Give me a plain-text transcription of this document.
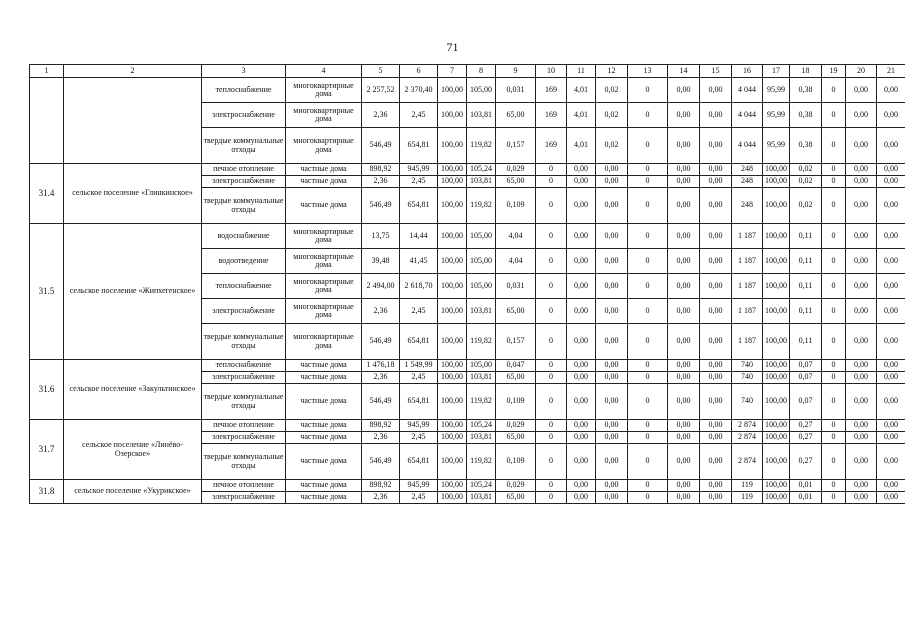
71
1	2	3	4	5	6	7	8	9	10	11	12	13	14	15	16	17	18	19	20	21
		теплоснабжение	многоквартирные дома	2 257,52	2 370,40	100,00	105,00	0,031	169	4,01	0,02	0	0,00	0,00	4 044	95,99	0,38	0	0,00	0,00
		электроснабжение	многоквартирные дома	2,36	2,45	100,00	103,81	65,00	169	4,01	0,02	0	0,00	0,00	4 044	95,99	0,38	0	0,00	0,00
		твердые коммунальные отходы	многоквартирные дома	546,49	654,81	100,00	119,82	0,157	169	4,01	0,02	0	0,00	0,00	4 044	95,99	0,38	0	0,00	0,00
31.4	сельское поселение «Глинкинское»	печное отопление	частные дома	898,92	945,99	100,00	105,24	0,029	0	0,00	0,00	0	0,00	0,00	248	100,00	0,02	0	0,00	0,00
		электроснабжение	частные дома	2,36	2,45	100,00	103,81	65,00	0	0,00	0,00	0	0,00	0,00	248	100,00	0,02	0	0,00	0,00
		твердые коммунальные отходы	частные дома	546,49	654,81	100,00	119,82	0,109	0	0,00	0,00	0	0,00	0,00	248	100,00	0,02	0	0,00	0,00
31.5	сельское поселение «Жипхегенское»	водоснабжение	многоквартирные дома	13,75	14,44	100,00	105,00	4,04	0	0,00	0,00	0	0,00	0,00	1 187	100,00	0,11	0	0,00	0,00
		водоотведение	многоквартирные дома	39,48	41,45	100,00	105,00	4,04	0	0,00	0,00	0	0,00	0,00	1 187	100,00	0,11	0	0,00	0,00
		теплоснабжение	многоквартирные дома	2 494,00	2 618,70	100,00	105,00	0,031	0	0,00	0,00	0	0,00	0,00	1 187	100,00	0,11	0	0,00	0,00
		электроснабжение	многоквартирные дома	2,36	2,45	100,00	103,81	65,00	0	0,00	0,00	0	0,00	0,00	1 187	100,00	0,11	0	0,00	0,00
		твердые коммунальные отходы	многоквартирные дома	546,49	654,81	100,00	119,82	0,157	0	0,00	0,00	0	0,00	0,00	1 187	100,00	0,11	0	0,00	0,00
31.6	сельское поселение «Закультинское»	теплоснабжение	частные дома	1 476,18	1 549,99	100,00	105,00	0,047	0	0,00	0,00	0	0,00	0,00	740	100,00	0,07	0	0,00	0,00
		электроснабжение	частные дома	2,36	2,45	100,00	103,81	65,00	0	0,00	0,00	0	0,00	0,00	740	100,00	0,07	0	0,00	0,00
		твердые коммунальные отходы	частные дома	546,49	654,81	100,00	119,82	0,109	0	0,00	0,00	0	0,00	0,00	740	100,00	0,07	0	0,00	0,00
31.7	сельское поселение «Линёво-Озерское»	печное отопление	частные дома	898,92	945,99	100,00	105,24	0,029	0	0,00	0,00	0	0,00	0,00	2 874	100,00	0,27	0	0,00	0,00
		электроснабжение	частные дома	2,36	2,45	100,00	103,81	65,00	0	0,00	0,00	0	0,00	0,00	2 874	100,00	0,27	0	0,00	0,00
		твердые коммунальные отходы	частные дома	546,49	654,81	100,00	119,82	0,109	0	0,00	0,00	0	0,00	0,00	2 874	100,00	0,27	0	0,00	0,00
31.8	сельское поселение «Укурикское»	печное отопление	частные дома	898,92	945,99	100,00	105,24	0,029	0	0,00	0,00	0	0,00	0,00	119	100,00	0,01	0	0,00	0,00
		электроснабжение	частные дома	2,36	2,45	100,00	103,81	65,00	0	0,00	0,00	0	0,00	0,00	119	100,00	0,01	0	0,00	0,00
